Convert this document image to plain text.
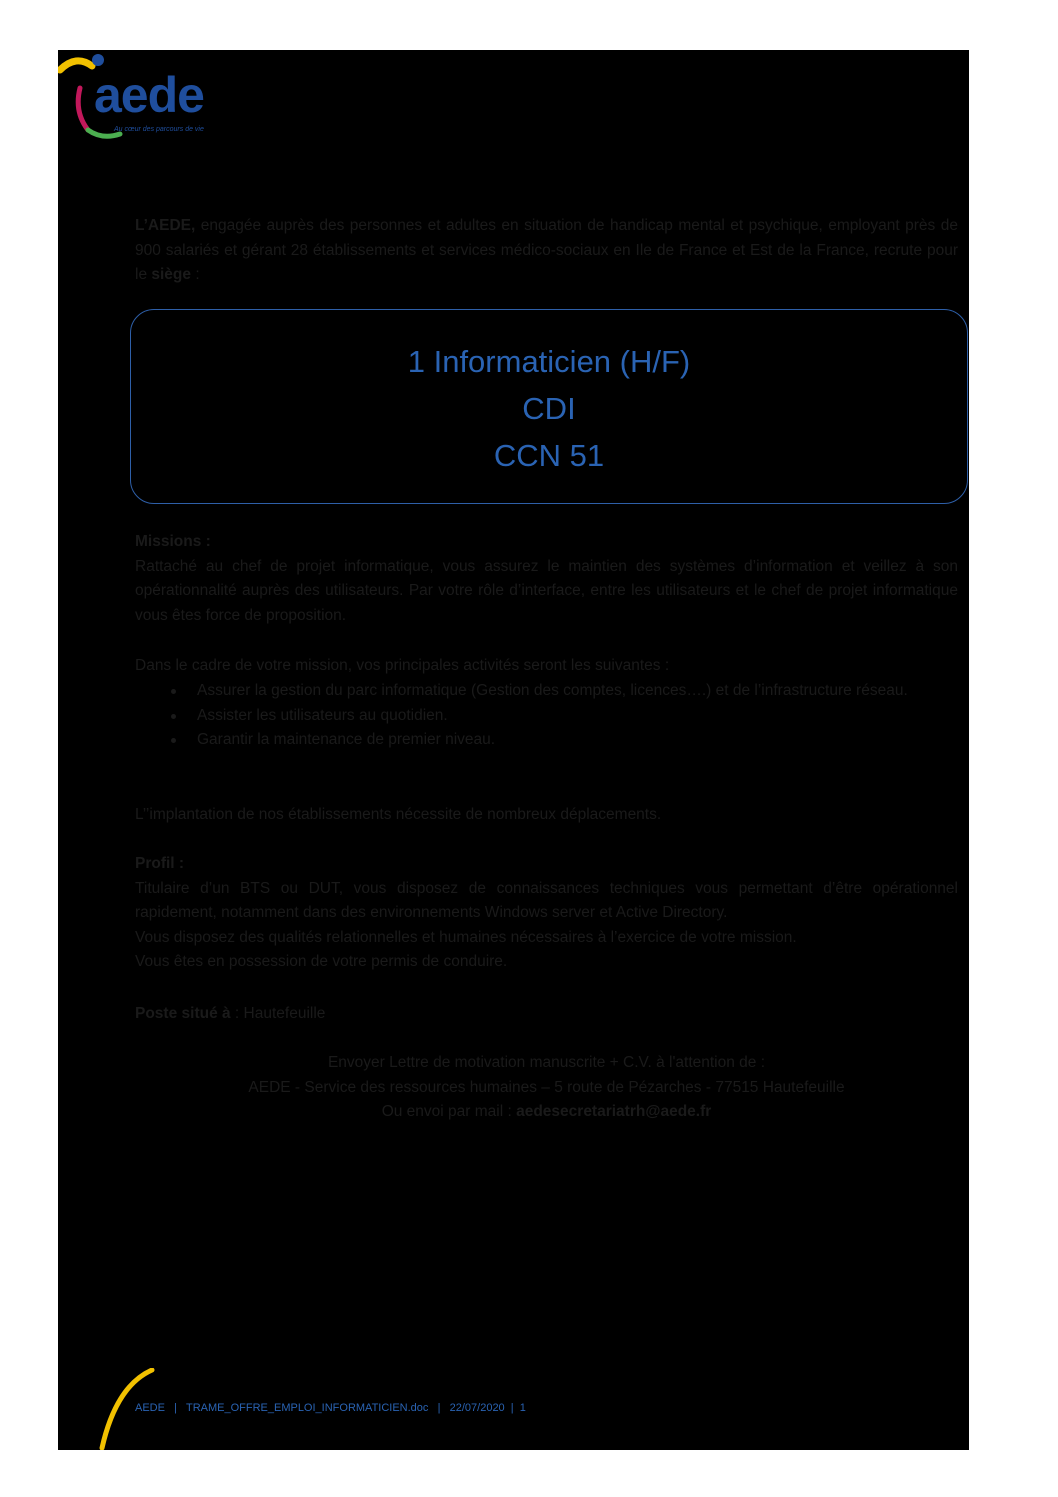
aede
Au cœur des parcours de vie
L’AEDE, engagée auprès des personnes et adultes en situation de handicap mental et psychique, employant près de 900 salariés et gérant 28 établissements et services médico-sociaux en Ile de France et Est de la France, recrute pour le siège :
1 Informaticien (H/F)
CDI
CCN 51
Missions :
Rattaché au chef de projet informatique, vous assurez le maintien des systèmes d’information et veillez à son opérationnalité auprès des utilisateurs. Par votre rôle d’interface, entre les utilisateurs et le chef de projet informatique vous êtes force de proposition.
Dans le cadre de votre mission, vos principales activités seront les suivantes :
Assurer la gestion du parc informatique (Gestion des comptes, licences….) et de l’infrastructure réseau.
Assister les utilisateurs au quotidien.
Garantir la maintenance de premier niveau.
L’’implantation de nos établissements nécessite de nombreux déplacements.
Profil :
Titulaire d’un BTS ou DUT, vous disposez de connaissances techniques vous permettant d’être opérationnel rapidement, notamment dans des environnements Windows server et Active Directory.
Vous disposez des qualités relationnelles et humaines nécessaires à l’exercice de votre mission.
Vous êtes en possession de votre permis de conduire.
Poste situé à : Hautefeuille
Envoyer Lettre de motivation manuscrite + C.V. à l'attention de :
AEDE - Service des ressources humaines – 5 route de Pézarches - 77515 Hautefeuille
Ou envoi par mail : aedesecretariatrh@aede.fr
AEDE   |   TRAME_OFFRE_EMPLOI_INFORMATICIEN.doc   |   22/07/2020  |  1
